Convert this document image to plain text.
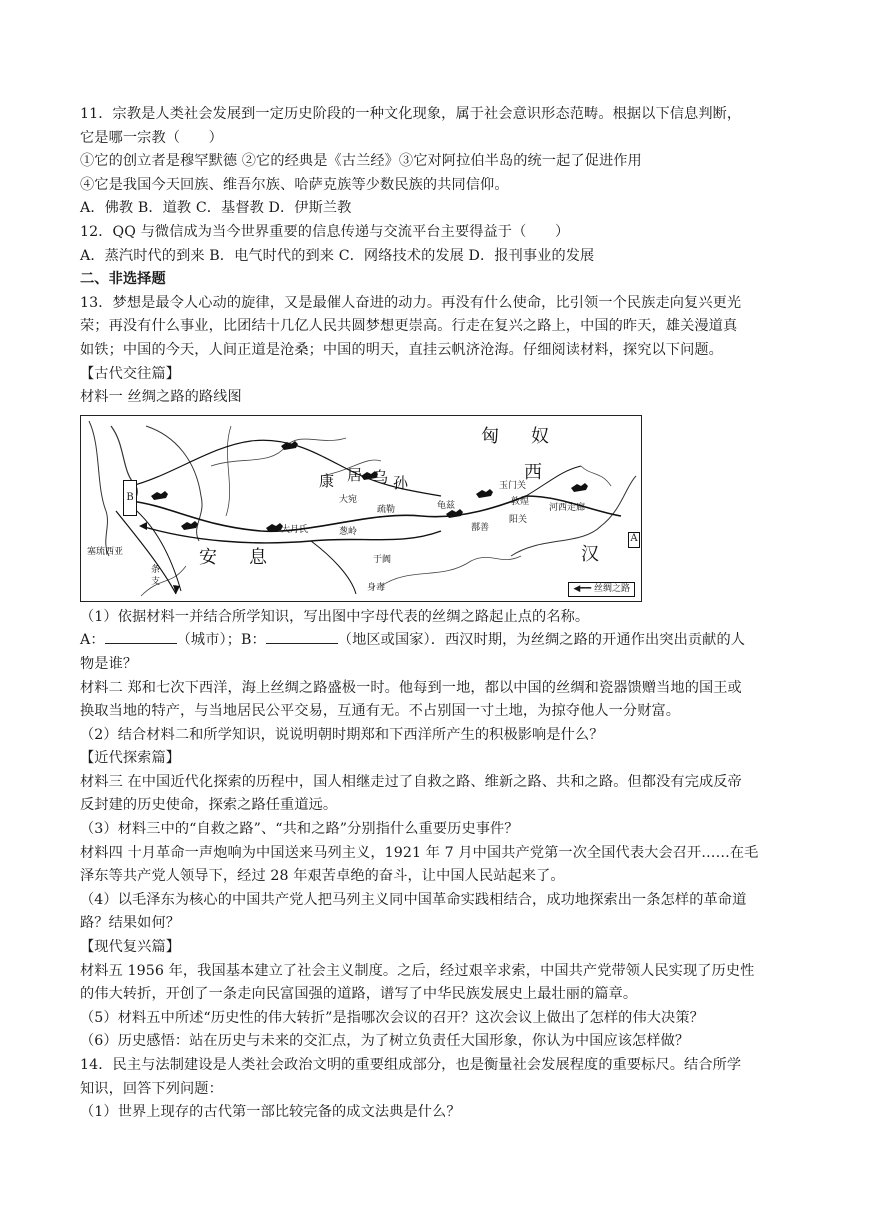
11．宗教是人类社会发展到一定历史阶段的一种文化现象，属于社会意识形态范畴。根据以下信息判断，
它是哪一宗教（　　）
①它的创立者是穆罕默德 ②它的经典是《古兰经》③它对阿拉伯半岛的统一起了促进作用
④它是我国今天回族、维吾尔族、哈萨克族等少数民族的共同信仰。
A．佛教 B．道教 C．基督教 D．伊斯兰教
12．QQ 与微信成为当今世界重要的信息传递与交流平台主要得益于（　　）
A．蒸汽时代的到来 B．电气时代的到来 C．网络技术的发展 D．报刊事业的发展
二、非选择题
13．梦想是最令人心动的旋律，又是最催人奋进的动力。再没有什么使命，比引领一个民族走向复兴更光
荣；再没有什么事业，比团结十几亿人民共圆梦想更崇高。行走在复兴之路上，中国的昨天，雄关漫道真
如铁；中国的今天，人间正道是沧桑；中国的明天，直挂云帆济沧海。仔细阅读材料，探究以下问题。
【古代交往篇】
材料一 丝绸之路的路线图
匈 奴
康 居 乌 孙	西
汉
安 息
大宛
疏勒
大月氏	葱岭
龟兹
玉门关
敦煌
河西走廊
阳关
鄯善
于阗
塞琉西亚
条
支
身毒
A
B
◀━━ 丝绸之路
（1）依据材料一并结合所学知识，写出图中字母代表的丝绸之路起止点的名称。
A：	（城市）；B：	（地区或国家）．西汉时期，为丝绸之路的开通作出突出贡献的人
物是谁？
材料二 郑和七次下西洋，海上丝绸之路盛极一时。他每到一地，都以中国的丝绸和瓷器馈赠当地的国王或
换取当地的特产，与当地居民公平交易，互通有无。不占别国一寸土地，为掠夺他人一分财富。
（2）结合材料二和所学知识，说说明朝时期郑和下西洋所产生的积极影响是什么？
【近代探索篇】
材料三 在中国近代化探索的历程中，国人相继走过了自救之路、维新之路、共和之路。但都没有完成反帝
反封建的历史使命，探索之路任重道远。
（3）材料三中的“自救之路”、“共和之路”分别指什么重要历史事件？
材料四 十月革命一声炮响为中国送来马列主义，1921 年 7 月中国共产党第一次全国代表大会召开……在毛
泽东等共产党人领导下，经过 28 年艰苦卓绝的奋斗，让中国人民站起来了。
（4）以毛泽东为核心的中国共产党人把马列主义同中国革命实践相结合，成功地探索出一条怎样的革命道
路？结果如何？
【现代复兴篇】
材料五 1956 年，我国基本建立了社会主义制度。之后，经过艰辛求索，中国共产党带领人民实现了历史性
的伟大转折，开创了一条走向民富国强的道路，谱写了中华民族发展史上最壮丽的篇章。
（5）材料五中所述“历史性的伟大转折”是指哪次会议的召开？这次会议上做出了怎样的伟大决策？
（6）历史感悟：站在历史与未来的交汇点，为了树立负责任大国形象，你认为中国应该怎样做？
14．民主与法制建设是人类社会政治文明的重要组成部分，也是衡量社会发展程度的重要标尺。结合所学
知识，回答下列问题：
（1）世界上现存的古代第一部比较完备的成文法典是什么？
